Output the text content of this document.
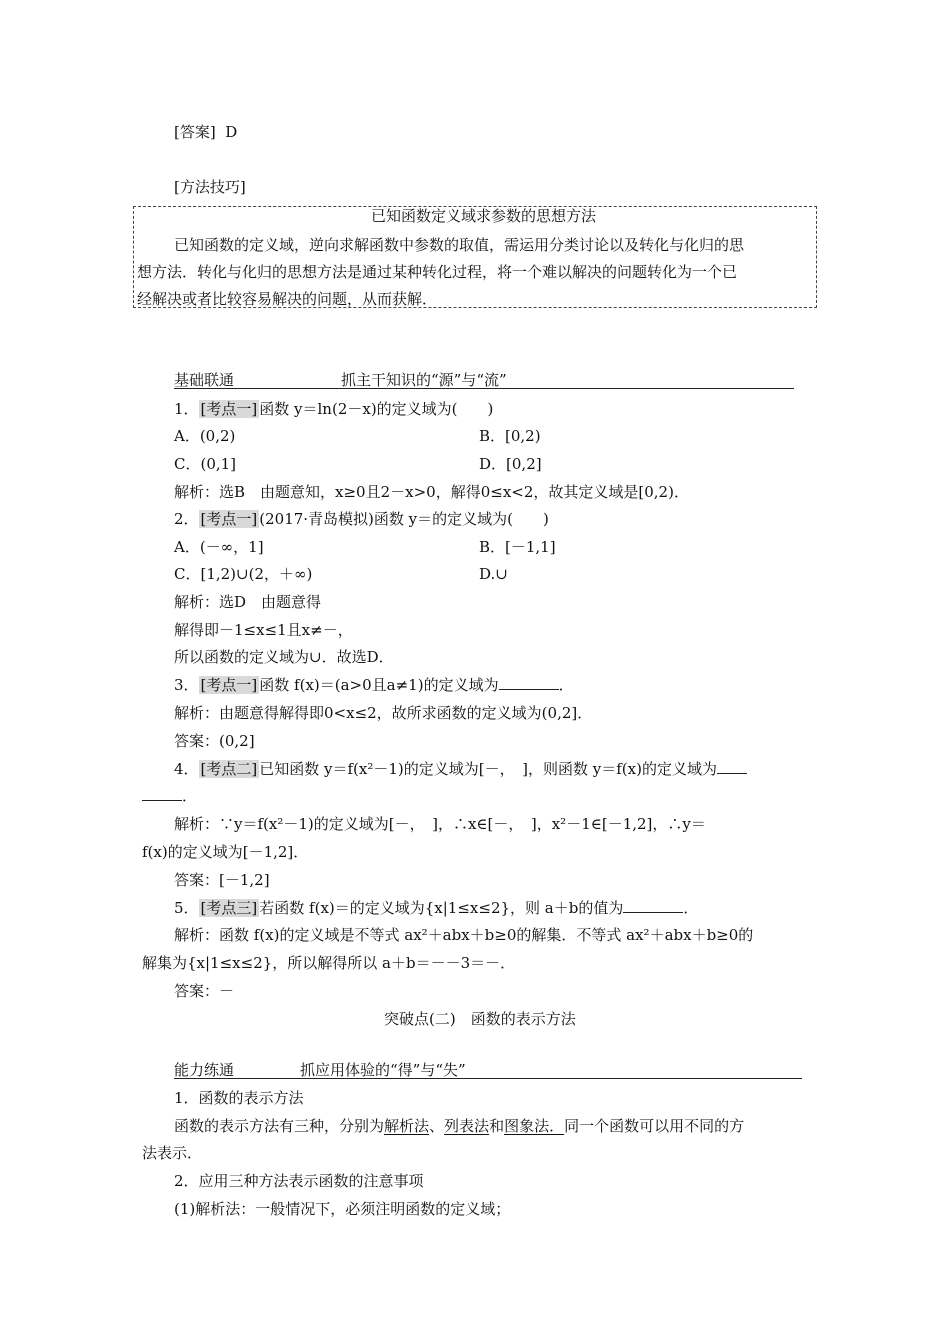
[答案] D
[方法技巧]
已知函数定义域求参数的思想方法
已知函数的定义域，逆向求解函数中参数的取值，需运用分类讨论以及转化与化归的思
想方法．转化与化归的思想方法是通过某种转化过程，将一个难以解决的问题转化为一个已
经解决或者比较容易解决的问题，从而获解．
基础联通	抓主干知识的“源”与“流”
1． [考点一] 函数 y＝ln(2－x)的定义域为(　　)
A．(0,2)	B．[0,2)
C．(0,1]	D．[0,2]
解析：选B　由题意知，x≥0且2－x>0，解得0≤x<2，故其定义域是[0,2)．
2． [考点一] (2017·青岛模拟)函数 y＝的定义域为(　　)
A．(－∞，1]	B．[－1,1]
C．[1,2)∪(2，＋∞)	D.∪
解析：选D　由题意得
解得即－1≤x≤1且x≠－，
所以函数的定义域为∪．故选D．
3． [考点一] 函数 f(x)＝(a>0且a≠1)的定义域为	．
解析：由题意得解得即0<x≤2，故所求函数的定义域为(0,2]．
答案：(0,2]
4． [考点二] 已知函数 y＝f(x²－1)的定义域为[－，　]，则函数 y＝f(x)的定义域为
．
解析：∵y＝f(x²－1)的定义域为[－，　]，∴x∈[－，　]，x²－1∈[－1,2]，∴y＝
f(x)的定义域为[－1,2]．
答案：[－1,2]
5． [考点三] 若函数 f(x)＝的定义域为{x|1≤x≤2}，则 a＋b的值为	．
解析：函数 f(x)的定义域是不等式 ax²＋abx＋b≥0的解集．不等式 ax²＋abx＋b≥0的
解集为{x|1≤x≤2}，所以解得所以 a＋b＝－－3＝－．
答案：－
突破点(二)　函数的表示方法
能力练通	抓应用体验的“得”与“失”
1．函数的表示方法
函数的表示方法有三种，分别为解析法、列表法和图象法．同一个函数可以用不同的方
法表示．
2．应用三种方法表示函数的注意事项
(1)解析法：一般情况下，必须注明函数的定义域；
